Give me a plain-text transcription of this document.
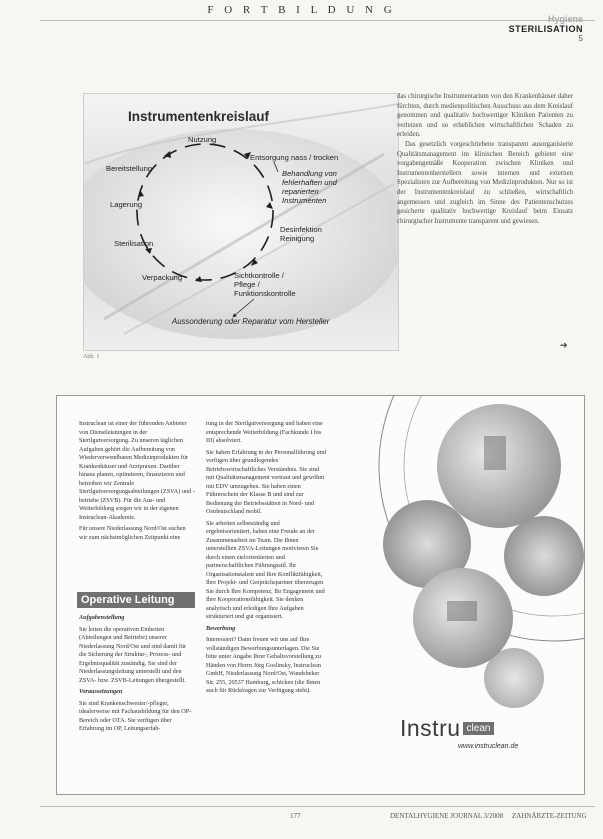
F O R T B I L D U N G
Hygiene
STERILISATION
5
Instrumentenkreislauf
Nutzung
Entsorgung nass / trocken
Behandlung von
fehlerhaften und
reparierten
Instrumenten
Desinfektion
Reinigung
Sichtkontrolle /
Pflege /
Funktionskontrolle
Verpackung
Sterilisation
Lagerung
Bereitstellung
Aussonderung oder Reparatur vom Hersteller
Abb. 1

das chirurgische Instrumentarium von den Krankenhäuser daher fürchten, durch medienpolitischen Ausschuss aus dem Kreislauf genommen und qualitativ hochwertiger Kliniken Patienten zu verletzen und so erheblichen wirtschaftlichen Schaden zu erleiden.

Das gesetzlich vorgeschriebene transparent ausorganisierte Qualitätsmanagement im klinischen Bereich gebietet eine vorgabengemäße Kooperation zwischen Kliniken und Instrumentenherstellern sowie internen und externen Spezialisten zur Aufbereitung von Medizinprodukten. Nur so ist der Instrumentenkreislauf zu schließen, wirtschaftlich angemessen und zugleich im Sinne des Patientenschutzes gesicherte qualitativ hochwertige Kreislauf beim Einsatz chirurgischer Instrumente transparent und gewiesen.

➔

Instruclean ist einer der führenden Anbieter von Dienstleistungen in der Sterilgutversorgung. Zu unseren täglichen Aufgaben gehört die Aufbereitung von Wiederverwendbaren Medizinprodukten für Krankenhäuser und Arztpraxen. Darüber hinaus planen, optimieren, finanzieren und betreiben wir Zentrale Sterilgutversorgungsabteilungen (ZSVA) und -betriebe (ZSVB). Für die Aus- und Weiterbildung sorgen wir in der eigenen Instruclean-Akademie.

Für unsere Niederlassung Nord/Ost suchen wir zum nächstmöglichen Zeitpunkt eine

Operative Leitung

Aufgabenstellung

Sie leiten die operativen Einheiten (Abteilungen und Betriebe) unserer Niederlassung Nord/Ost und sind damit für die Sicherung der Struktur-, Prozess- und Ergebnisqualität zuständig. Sie sind der Niederlassungsleitung unterstellt und den ZSVA- bzw. ZSVB-Leitungen übergestellt.

Voraussetzungen

Sie sind Krankenschwester/-pfleger, idealerweise mit Fachausbildung für den OP-Bereich oder OTA. Sie verfügen über Erfahrung im OP, Leitungserfah-

rung in der Sterilgutversorgung und haben eine entsprechende Weiterbildung (Fachkunde I bis III) absolviert.

Sie haben Erfahrung in der Personalführung und verfügen über grundlegendes Betriebswirtschaftliches Verständnis. Sie sind mit Qualitätsmanagement vertraut und gewöhnt mit EDV umzugehen. Sie haben einen Führerschein der Klasse B und sind zur Bedienung der Betriebsstätten in Nord- und Ostdeutschland mobil.

Sie arbeiten selbstständig und ergebnisorientiert, haben eine Freude an der Zusammenarbeit im Team. Die Ihnen unterstellten ZSVA-Leitungen motivieren Sie durch einen zielorientierten und partnerschaftlichen Führungsstil. Ihr Organisationstalent und Ihre Konfliktfähigkeit, Ihre Projekt- und Gesprächspartner überzeugen Sie durch Ihre Kompetenz, Ihr Engagement und Ihre Kooperationsfähigkeit. Sie denken analytisch und erledigen Ihre Aufgaben strukturiert und gut organisiert.

Bewerbung

Interessiert? Dann freuen wir uns auf Ihre vollständigen Bewerbungsunterlagen. Die Sie bitte unter Angabe Ihrer Gehaltsvorstellung zu Händen von Herrn Jörg Goslinsky, Instruclean GmbH, Niederlassung Nord/Ost, Wandsbeker Str. 255, 20537 Hamburg, schicken (die Ihnen auch für Rückfragen zur Verfügung steht).

Instru clean
www.instruclean.de
177	DENTALHYGIENE JOURNAL 3/2008 ZAHNÄRZTE-ZEITUNG
